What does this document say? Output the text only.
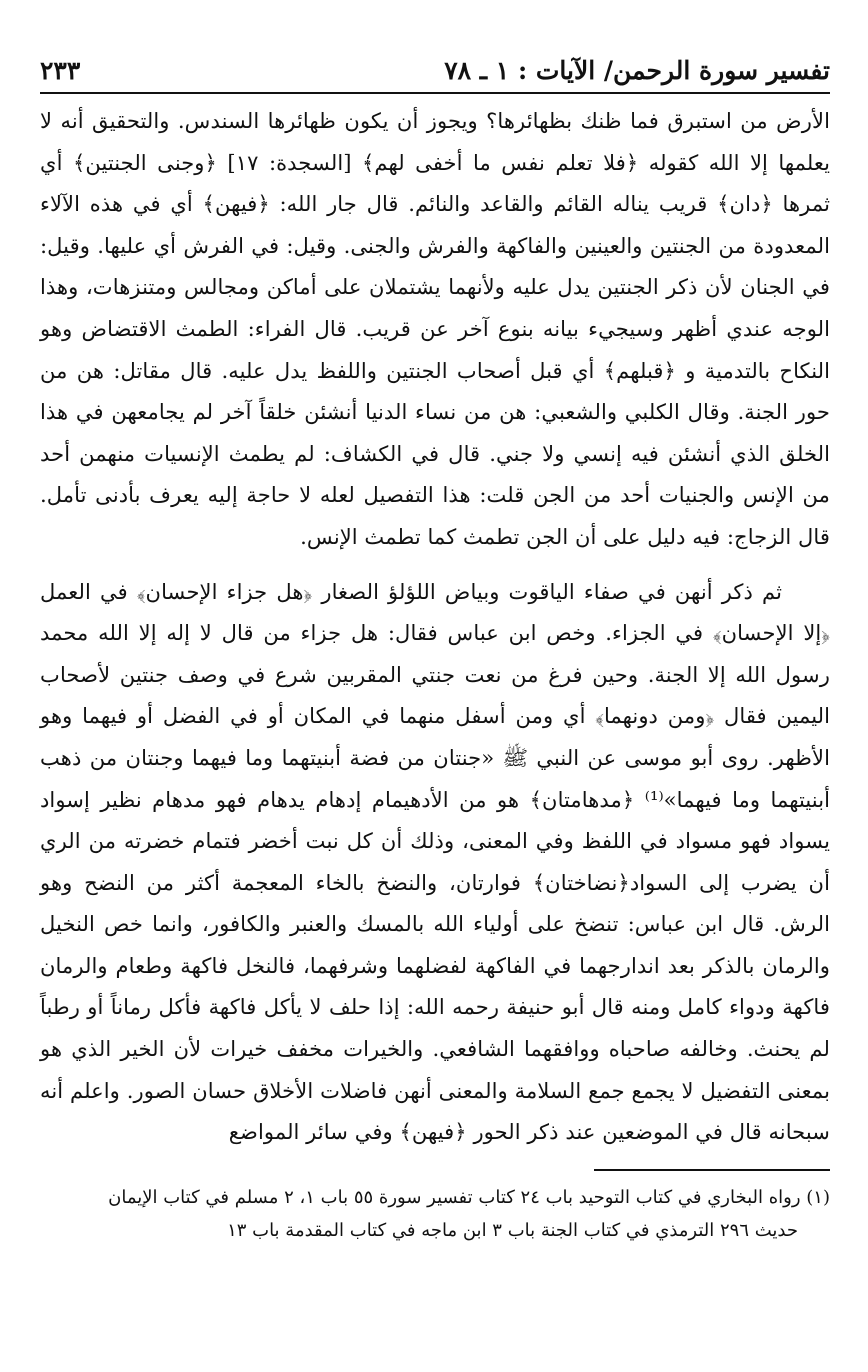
تفسير سورة الرحمن/ الآيات : ١ ـ ٧٨
٢٣٣

الأرض من استبرق فما ظنك بظهائرها؟ ويجوز أن يكون ظهائرها السندس. والتحقيق أنه لا يعلمها إلا الله كقوله ﴿فلا تعلم نفس ما أخفى لهم﴾ [السجدة: ١٧] ﴿وجنى الجنتين﴾ أي ثمرها ﴿دان﴾ قريب يناله القائم والقاعد والنائم. قال جار الله: ﴿فيهن﴾ أي في هذه الآلاء المعدودة من الجنتين والعينين والفاكهة والفرش والجنى. وقيل: في الفرش أي عليها. وقيل: في الجنان لأن ذكر الجنتين يدل عليه ولأنهما يشتملان على أماكن ومجالس ومتنزهات، وهذا الوجه عندي أظهر وسيجيء بيانه بنوع آخر عن قريب. قال الفراء: الطمث الاقتضاض وهو النكاح بالتدمية و ﴿قبلهم﴾ أي قبل أصحاب الجنتين واللفظ يدل عليه. قال مقاتل: هن من حور الجنة. وقال الكلبي والشعبي: هن من نساء الدنيا أنشئن خلقاً آخر لم يجامعهن في هذا الخلق الذي أنشئن فيه إنسي ولا جني. قال في الكشاف: لم يطمث الإنسيات منهمن أحد من الإنس والجنيات أحد من الجن قلت: هذا التفصيل لعله لا حاجة إليه يعرف بأدنى تأمل. قال الزجاج: فيه دليل على أن الجن تطمث كما تطمث الإنس.

ثم ذكر أنهن في صفاء الياقوت وبياض اللؤلؤ الصغار ﴿هل جزاء الإحسان﴾ في العمل ﴿إلا الإحسان﴾ في الجزاء. وخص ابن عباس فقال: هل جزاء من قال لا إله إلا الله محمد رسول الله إلا الجنة. وحين فرغ من نعت جنتي المقربين شرع في وصف جنتين لأصحاب اليمين فقال ﴿ومن دونهما﴾ أي ومن أسفل منهما في المكان أو في الفضل أو فيهما وهو الأظهر. روى أبو موسى عن النبي ﷺ «جنتان من فضة أبنيتهما وما فيهما وجنتان من ذهب أبنيتهما وما فيهما»⁽¹⁾ ﴿مدهامتان﴾ هو من الأدهيمام إدهام يدهام فهو مدهام نظير إسواد يسواد فهو مسواد في اللفظ وفي المعنى، وذلك أن كل نبت أخضر فتمام خضرته من الري أن يضرب إلى السواد﴿نضاختان﴾ فوارتان، والنضخ بالخاء المعجمة أكثر من النضح وهو الرش. قال ابن عباس: تنضخ على أولياء الله بالمسك والعنبر والكافور، وانما خص النخيل والرمان بالذكر بعد اندارجهما في الفاكهة لفضلهما وشرفهما، فالنخل فاكهة وطعام والرمان فاكهة ودواء كامل ومنه قال أبو حنيفة رحمه الله: إذا حلف لا يأكل فاكهة فأكل رماناً أو رطباً لم يحنث. وخالفه صاحباه ووافقهما الشافعي. والخيرات مخفف خيرات لأن الخير الذي هو بمعنى التفضيل لا يجمع جمع السلامة والمعنى أنهن فاضلات الأخلاق حسان الصور. واعلم أنه سبحانه قال في الموضعين عند ذكر الحور ﴿فيهن﴾ وفي سائر المواضع

(١) رواه البخاري في كتاب التوحيد باب ٢٤ كتاب تفسير سورة ٥٥ باب ١، ٢ مسلم في كتاب الإيمان
حديث ٢٩٦ الترمذي في كتاب الجنة باب ٣ ابن ماجه في كتاب المقدمة باب ١٣
